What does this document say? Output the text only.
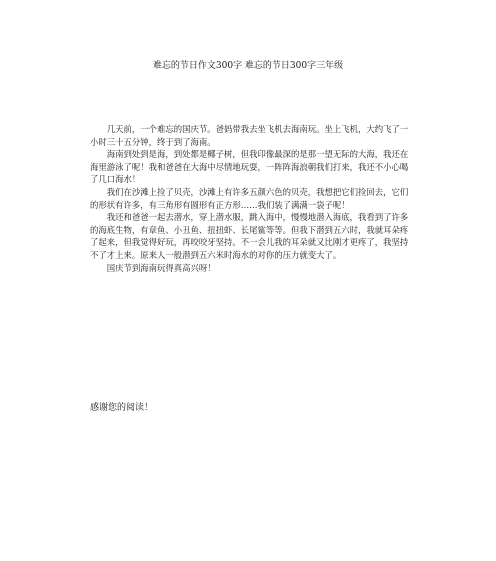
难忘的节日作文300字 难忘的节日300字三年级

　　几天前，一个难忘的国庆节。爸妈带我去坐飞机去海南玩。坐上飞机，大约飞了一小时三十五分钟，终于到了海南。

　　海南到处到是海，到处都是椰子树，但我印像最深的是那一望无际的大海，我还在海里游泳了呢！我和爸爸在大海中尽情地玩耍，一阵阵海浪朝我们打来，我还不小心喝了几口海水！

　　我们在沙滩上捡了贝壳，沙滩上有许多五颜六色的贝壳，我想把它们捡回去，它们的形状有许多，有三角形有圆形有正方形……我们装了满满一袋子呢！

　　我还和爸爸一起去潜水，穿上潜水服，跳入海中，慢慢地潜入海底，我看到了许多的海底生物，有章鱼、小丑鱼、扭扭虾、长尾鲨等等。但我下潜到五六时，我就耳朵疼了起来，但我觉得好玩，再咬咬牙坚持。不一会儿我的耳朵就又比刚才更疼了，我坚持不了才上来。原来人一般潜到五六米时海水的对你的压力就变大了。

　　国庆节到海南玩得真高兴呀！

感谢您的阅读！
